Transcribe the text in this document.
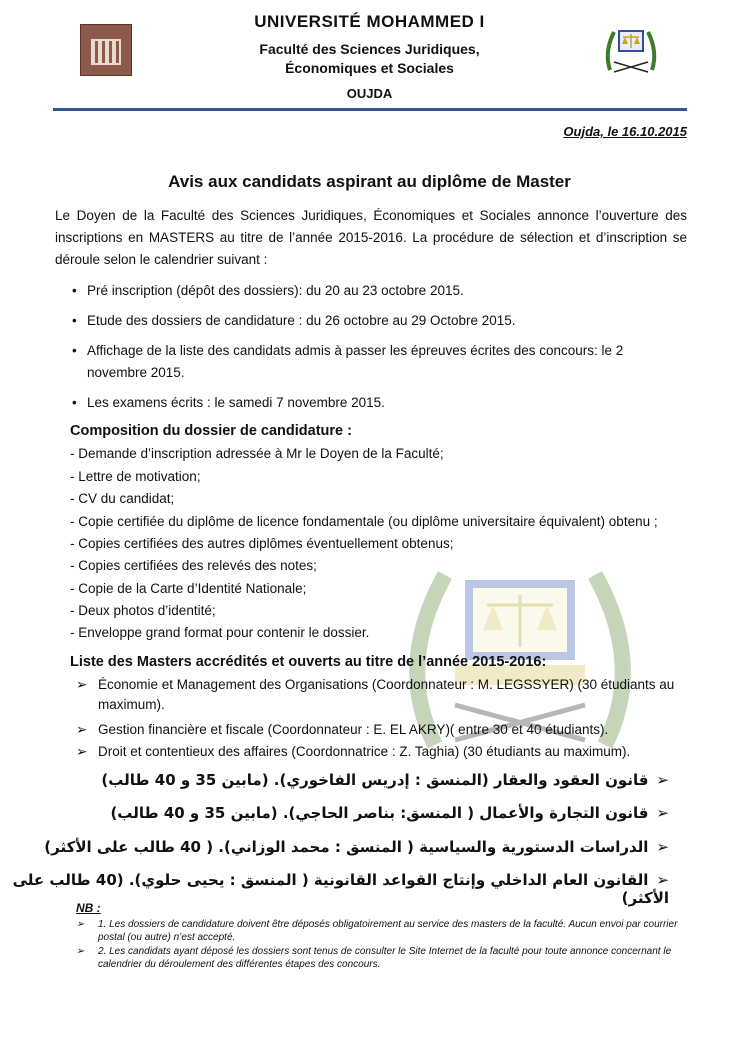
UNIVERSITÉ MOHAMMED I
Faculté des Sciences Juridiques,
Économiques et Sociales
OUJDA
Oujda, le 16.10.2015
Avis aux candidats aspirant au diplôme de Master
Le Doyen de la Faculté des Sciences Juridiques, Économiques et Sociales annonce l’ouverture des inscriptions en MASTERS au titre de l’année 2015-2016. La procédure de sélection et d’inscription se déroule selon le calendrier suivant :
• Pré inscription (dépôt des dossiers): du 20 au 23 octobre 2015.
• Etude des dossiers de candidature : du 26 octobre au 29 Octobre 2015.
• Affichage de la liste des candidats admis à passer les épreuves écrites des concours: le 2 novembre 2015.
• Les examens écrits : le samedi 7 novembre 2015.
Composition du dossier de candidature :
- Demande d’inscription adressée à Mr le Doyen de la Faculté;
- Lettre de motivation;
- CV du candidat;
- Copie certifiée du diplôme de licence fondamentale (ou diplôme universitaire équivalent) obtenu ;
- Copies certifiées des autres diplômes éventuellement obtenus;
- Copies certifiées des relevés des notes;
- Copie de la Carte d’Identité Nationale;
- Deux photos d’identité;
- Enveloppe grand format pour contenir le dossier.
Liste des Masters accrédités et ouverts au titre de l’année 2015-2016:
➢ Économie et Management des Organisations (Coordonnateur : M. LEGSSYER) (30 étudiants au maximum).
➢ Gestion financière et fiscale (Coordonnateur : E. EL AKRY)( entre 30 et 40 étudiants).
➢ Droit et contentieux des affaires (Coordonnatrice : Z. Taghia) (30 étudiants au maximum).
➢قانون العقود والعقار (المنسق : إدريس الفاخوري). (مابين 35 و 40 طالب)
➢قانون التجارة والأعمال ( المنسق: بناصر الحاجي). (مابين 35 و 40 طالب)
➢الدراسات الدستورية والسياسية ( المنسق : محمد الوزاني). ( 40 طالب على الأكثر)
➢القانون العام الداخلي وإنتاج القواعد القانونية ( المنسق : يحيى حلوي). (40 طالب على الأكثر)
NB :
➢ 1. Les dossiers de candidature doivent être déposés obligatoirement au service des masters de la faculté. Aucun envoi par courrier postal (ou autre) n’est accepté.
➢ 2. Les candidats ayant déposé les dossiers sont tenus de consulter le Site Internet de la faculté pour toute annonce concernant le calendrier du déroulement des différentes étapes des concours.
